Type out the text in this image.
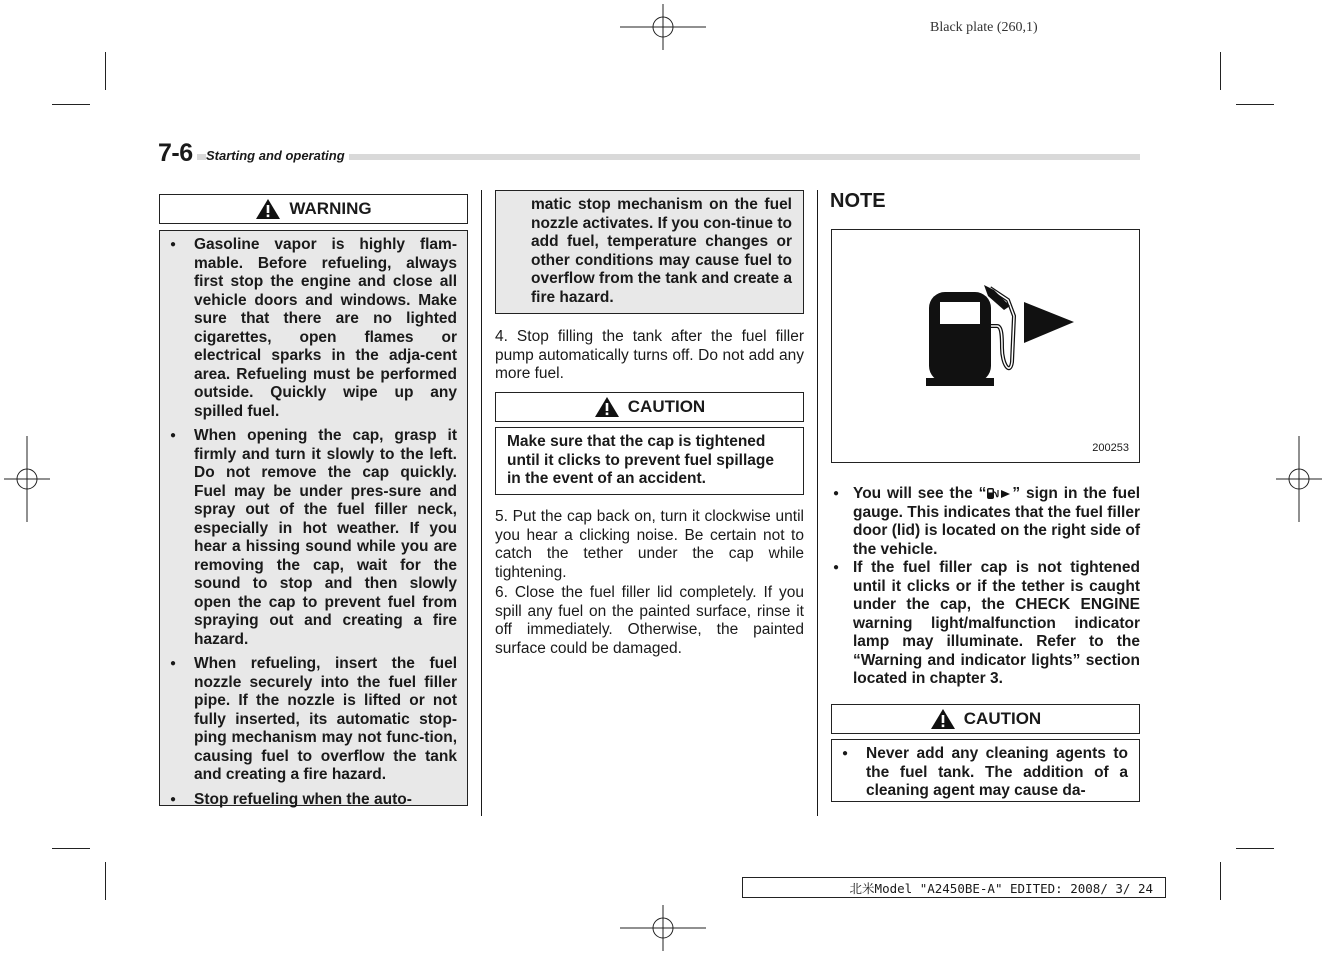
Black plate (260,1)
7-6	Starting and operating
WARNING
● Gasoline vapor is highly flam-mable. Before refueling, always first stop the engine and close all vehicle doors and windows. Make sure that there are no lighted cigarettes, open flames or electrical sparks in the adja-cent area. Refueling must be performed outside. Quickly wipe up any spilled fuel.
● When opening the cap, grasp it firmly and turn it slowly to the left. Do not remove the cap quickly. Fuel may be under pres-sure and spray out of the fuel filler neck, especially in hot weather. If you hear a hissing sound while you are removing the cap, wait for the sound to stop and then slowly open the cap to prevent fuel from spraying out and creating a fire hazard.
● When refueling, insert the fuel nozzle securely into the fuel filler pipe. If the nozzle is lifted or not fully inserted, its automatic stop-ping mechanism may not func-tion, causing fuel to overflow the tank and creating a fire hazard.
● Stop refueling when the auto-
matic stop mechanism on the fuel nozzle activates. If you con-tinue to add fuel, temperature changes or other conditions may cause fuel to overflow from the tank and create a fire hazard.
4. Stop filling the tank after the fuel filler pump automatically turns off. Do not add any more fuel.
CAUTION
Make sure that the cap is tightened until it clicks to prevent fuel spillage in the event of an accident.
5. Put the cap back on, turn it clockwise until you hear a clicking noise. Be certain not to catch the tether under the cap while tightening.
6. Close the fuel filler lid completely. If you spill any fuel on the painted surface, rinse it off immediately. Otherwise, the painted surface could be damaged.
NOTE
200253
● You will see the “ ” sign in the fuel gauge. This indicates that the fuel filler door (lid) is located on the right side of the vehicle.
● If the fuel filler cap is not tightened until it clicks or if the tether is caught under the cap, the CHECK ENGINE warning light/malfunction indicator lamp may illuminate. Refer to the “Warning and indicator lights” section located in chapter 3.
CAUTION
● Never add any cleaning agents to the fuel tank. The addition of a cleaning agent may cause da-
北米Model "A2450BE-A" EDITED: 2008/ 3/ 24
